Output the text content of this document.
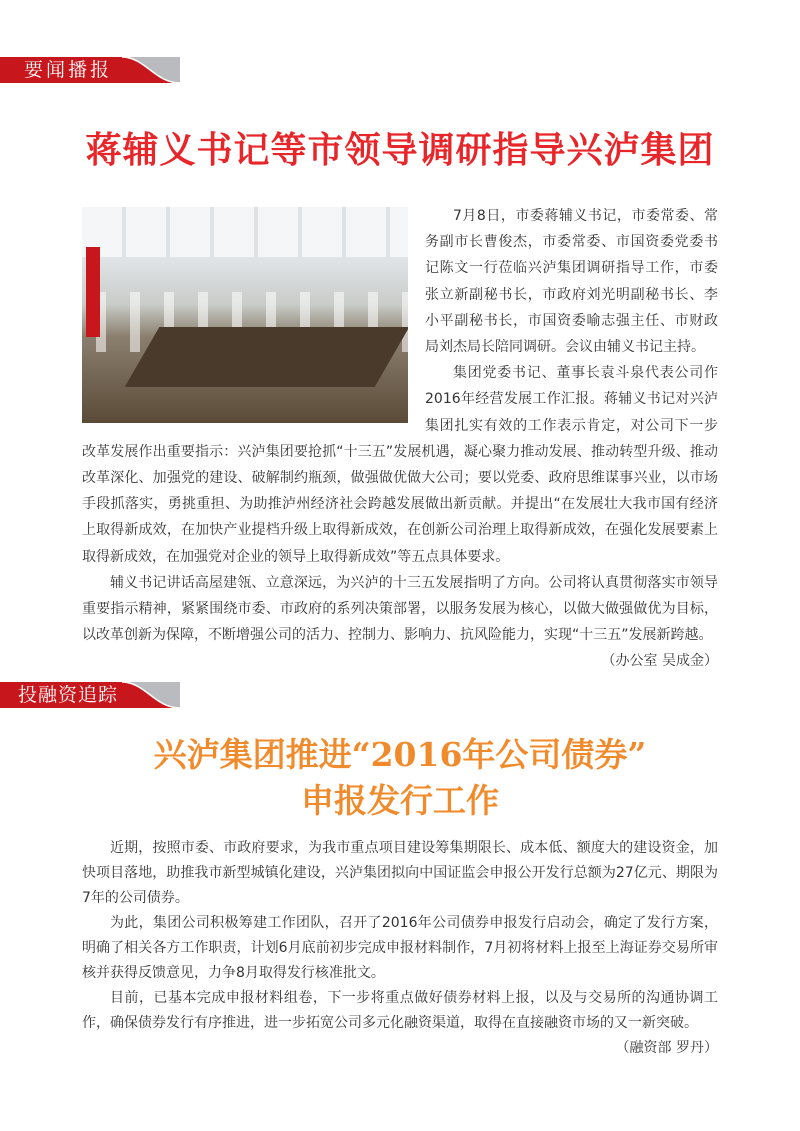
要闻播报
蒋辅义书记等市领导调研指导兴泸集团

7月8日，市委蒋辅义书记，市委常委、常务副市长曹俊杰，市委常委、市国资委党委书记陈文一行莅临兴泸集团调研指导工作，市委张立新副秘书长，市政府刘光明副秘书长、李小平副秘书长，市国资委喻志强主任、市财政局刘杰局长陪同调研。会议由辅义书记主持。

集团党委书记、董事长袁斗泉代表公司作2016年经营发展工作汇报。蒋辅义书记对兴泸集团扎实有效的工作表示肯定，对公司下一步改革发展作出重要指示：兴泸集团要抢抓“十三五”发展机遇，凝心聚力推动发展、推动转型升级、推动改革深化、加强党的建设、破解制约瓶颈，做强做优做大公司；要以党委、政府思维谋事兴业，以市场手段抓落实，勇挑重担、为助推泸州经济社会跨越发展做出新贡献。并提出“在发展壮大我市国有经济上取得新成效，在加快产业提档升级上取得新成效，在创新公司治理上取得新成效，在强化发展要素上取得新成效，在加强党对企业的领导上取得新成效”等五点具体要求。

辅义书记讲话高屋建瓴、立意深远，为兴泸的十三五发展指明了方向。公司将认真贯彻落实市领导重要指示精神，紧紧围绕市委、市政府的系列决策部署，以服务发展为核心，以做大做强做优为目标，以改革创新为保障，不断增强公司的活力、控制力、影响力、抗风险能力，实现“十三五”发展新跨越。

（办公室 吴成金）

投融资追踪
兴泸集团推进“2016年公司债券”
申报发行工作

近期，按照市委、市政府要求，为我市重点项目建设筹集期限长、成本低、额度大的建设资金，加快项目落地，助推我市新型城镇化建设，兴泸集团拟向中国证监会申报公开发行总额为27亿元、期限为7年的公司债券。

为此，集团公司积极筹建工作团队，召开了2016年公司债券申报发行启动会，确定了发行方案，明确了相关各方工作职责，计划6月底前初步完成申报材料制作，7月初将材料上报至上海证券交易所审核并获得反馈意见，力争8月取得发行核准批文。

目前，已基本完成申报材料组卷，下一步将重点做好债券材料上报，以及与交易所的沟通协调工作，确保债券发行有序推进，进一步拓宽公司多元化融资渠道，取得在直接融资市场的又一新突破。

（融资部 罗丹）
